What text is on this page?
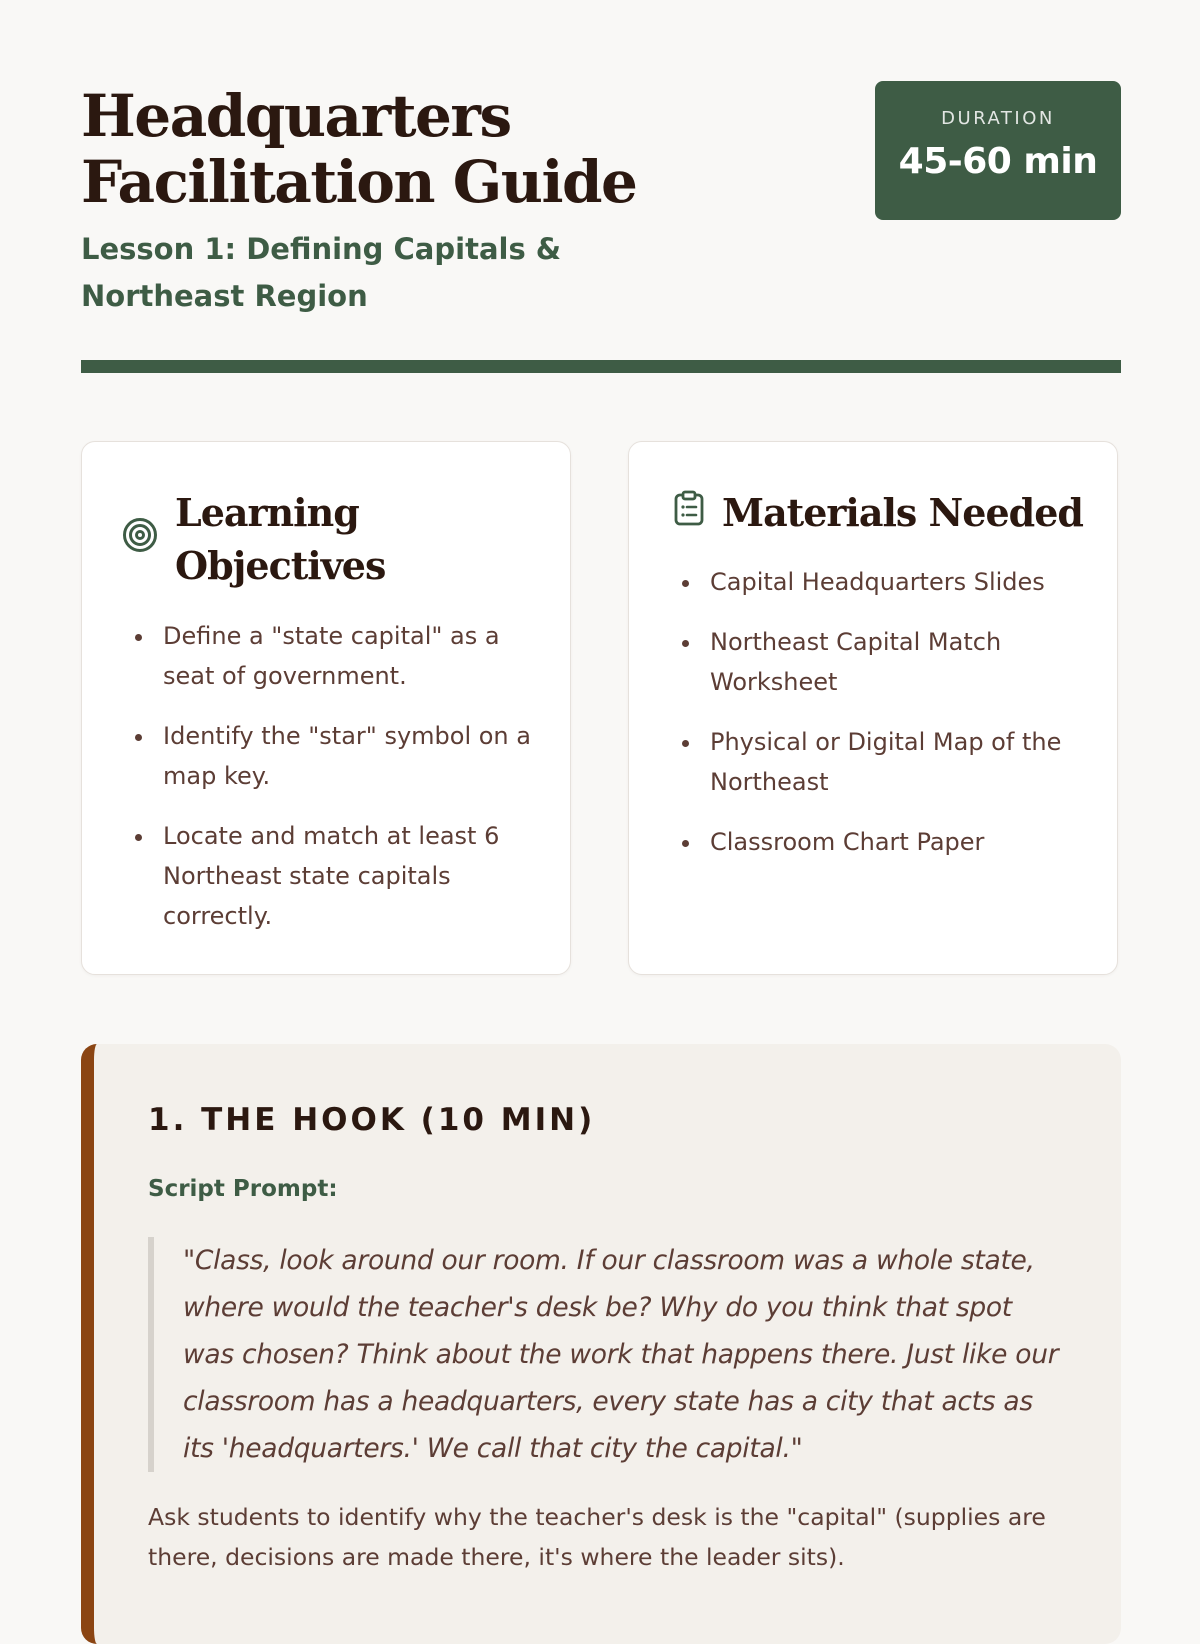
Headquarters Facilitation Guide
Lesson 1: Defining Capitals & Northeast Region
DURATION
45-60 min
Learning Objectives
Define a "state capital" as a seat of government.
Identify the "star" symbol on a map key.
Locate and match at least 6 Northeast state capitals correctly.
Materials Needed
Capital Headquarters Slides
Northeast Capital Match Worksheet
Physical or Digital Map of the Northeast
Classroom Chart Paper
1. THE HOOK (10 MIN)

Script Prompt:

"Class, look around our room. If our classroom was a whole state, where would the teacher's desk be? Why do you think that spot was chosen? Think about the work that happens there. Just like our classroom has a headquarters, every state has a city that acts as its 'headquarters.' We call that city the capital."

Ask students to identify why the teacher's desk is the "capital" (supplies are there, decisions are made there, it's where the leader sits).
